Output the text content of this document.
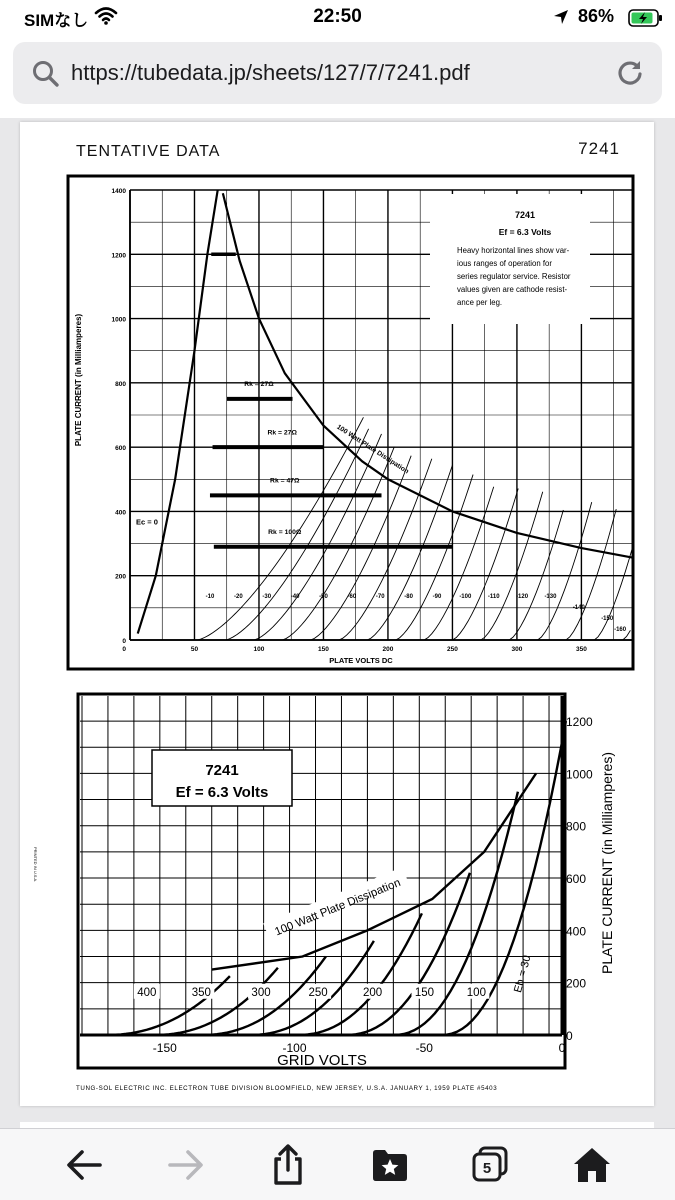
SIMなし	22:50	86%
https://tubedata.jp/sheets/127/7/7241.pdf
TENTATIVE DATA	7241
0
200
400
600
800
1000
1200
1400
50	100	150	200	250	300	350
0
-10	-20	-30	-40	-50	-60	-70	-80	-90	-100	-110	-120	-130
-140
-150
-160
Ec = 0
Rk = 27Ω
Rk = 27Ω
Rk = 47Ω
Rk = 100Ω
100 Watt Plate Dissipation
PLATE VOLTS DC
PLATE CURRENT (in Milliamperes)
7241
Ef = 6.3 Volts
Heavy horizontal lines show var-
ious ranges of operation for
series regulator service. Resistor
values given are cathode resist-
ance per leg.
-150	-100	-50	0
0
200
400
600
800
1000
1200
400	350	300	250	200	150	100 Eb = 30
100 Watt Plate Dissipation
7241
Ef = 6.3 Volts
GRID VOLTS
PLATE CURRENT (in Milliamperes)
PRINTED IN U.S.A.
TUNG-SOL ELECTRIC INC. ELECTRON TUBE DIVISION BLOOMFIELD, NEW JERSEY, U.S.A. JANUARY 1, 1959 PLATE #5403
5
